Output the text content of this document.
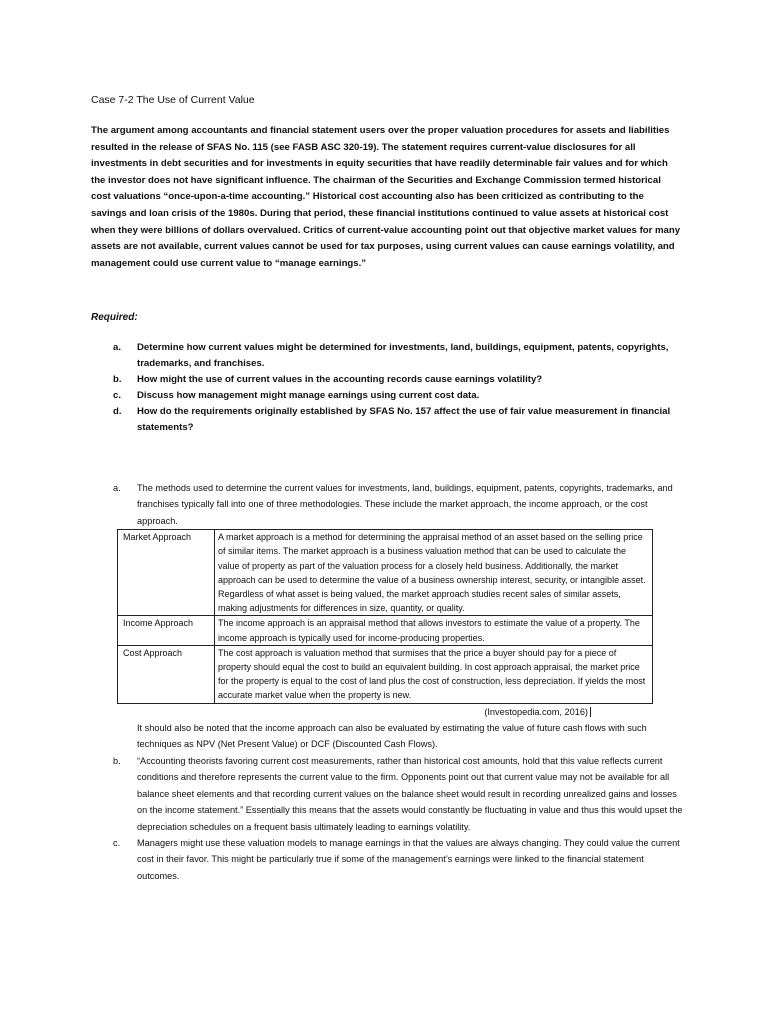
Case 7-2 The Use of Current Value
The argument among accountants and financial statement users over the proper valuation procedures for assets and liabilities resulted in the release of SFAS No. 115 (see FASB ASC 320-19). The statement requires current-value disclosures for all investments in debt securities and for investments in equity securities that have readily determinable fair values and for which the investor does not have significant influence. The chairman of the Securities and Exchange Commission termed historical cost valuations “once-upon-a-time accounting.” Historical cost accounting also has been criticized as contributing to the savings and loan crisis of the 1980s. During that period, these financial institutions continued to value assets at historical cost when they were billions of dollars overvalued. Critics of current-value accounting point out that objective market values for many assets are not available, current values cannot be used for tax purposes, using current values can cause earnings volatility, and management could use current value to “manage earnings.”
Required:
a.	Determine how current values might be determined for investments, land, buildings, equipment, patents, copyrights, trademarks, and franchises.
b.	How might the use of current values in the accounting records cause earnings volatility?
c.	Discuss how management might manage earnings using current cost data.
d.	How do the requirements originally established by SFAS No. 157 affect the use of fair value measurement in financial statements?
a.	The methods used to determine the current values for investments, land, buildings, equipment, patents, copyrights, trademarks, and franchises typically fall into one of three methodologies. These include the market approach, the income approach, or the cost approach.
Market Approach	A market approach is a method for determining the appraisal method of an asset based on the selling price of similar items. The market approach is a business valuation method that can be used to calculate the value of property as part of the valuation process for a closely held business. Additionally, the market approach can be used to determine the value of a business ownership interest, security, or intangible asset. Regardless of what asset is being valued, the market approach studies recent sales of similar assets, making adjustments for differences in size, quantity, or quality.
Income Approach	The income approach is an appraisal method that allows investors to estimate the value of a property. The income approach is typically used for income-producing properties.
Cost Approach	The cost approach is valuation method that surmises that the price a buyer should pay for a piece of property should equal the cost to build an equivalent building. In cost approach appraisal, the market price for the property is equal to the cost of land plus the cost of construction, less depreciation. If yields the most accurate market value when the property is new.
(Investopedia.com, 2016)
It should also be noted that the income approach can also be evaluated by estimating the value of future cash flows with such techniques as NPV (Net Present Value) or DCF (Discounted Cash Flows).
b.	“Accounting theorists favoring current cost measurements, rather than historical cost amounts, hold that this value reflects current conditions and therefore represents the current value to the firm. Opponents point out that current value may not be available for all balance sheet elements and that recording current values on the balance sheet would result in recording unrealized gains and losses on the income statement.” Essentially this means that the assets would constantly be fluctuating in value and thus this would upset the depreciation schedules on a frequent basis ultimately leading to earnings volatility.
c.	Managers might use these valuation models to manage earnings in that the values are always changing. They could value the current cost in their favor. This might be particularly true if some of the management’s earnings were linked to the financial statement outcomes.
